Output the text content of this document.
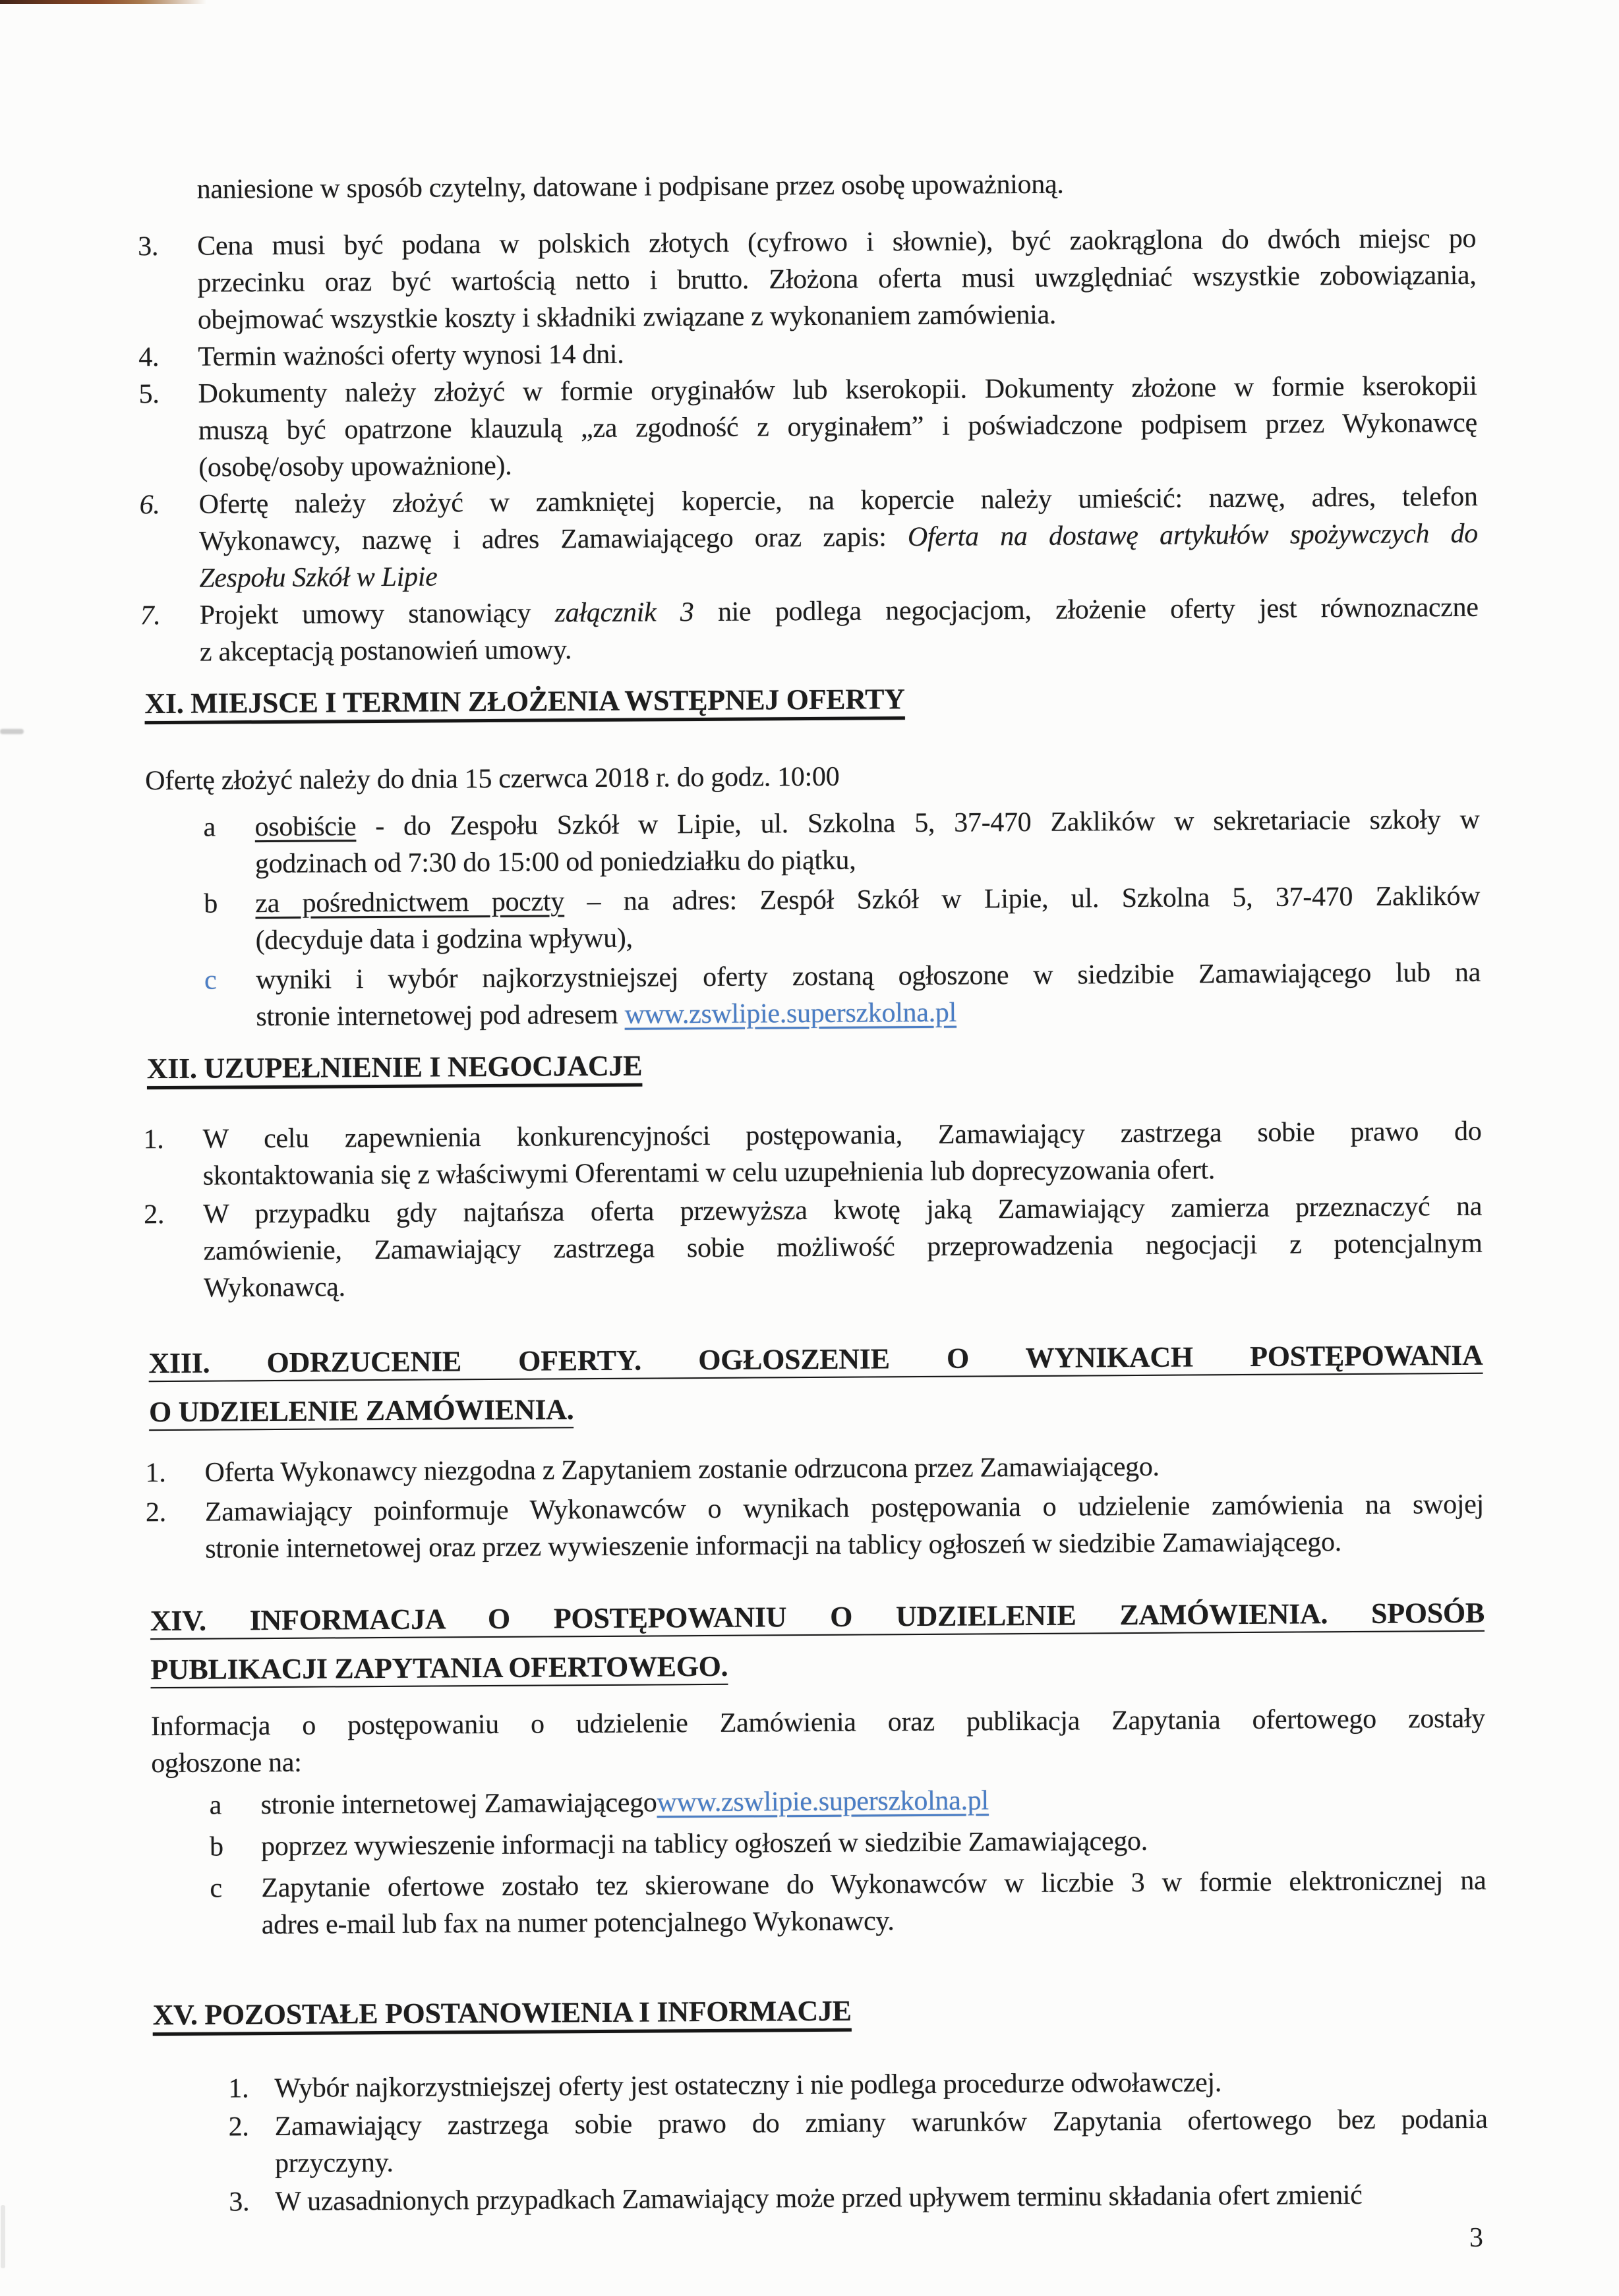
naniesione w sposób czytelny, datowane i podpisane przez osobę upoważnioną.
3.	Cena musi być podana w polskich złotych (cyfrowo i słownie), być zaokrąglona do dwóch miejsc po
przecinku oraz być wartością netto i brutto. Złożona oferta musi uwzględniać wszystkie zobowiązania,
obejmować wszystkie koszty i składniki związane z wykonaniem zamówienia.
4.	Termin ważności oferty wynosi 14 dni.
5.	Dokumenty należy złożyć w formie oryginałów lub kserokopii. Dokumenty złożone w formie kserokopii
muszą być opatrzone klauzulą „za zgodność z oryginałem” i poświadczone podpisem przez Wykonawcę
(osobę/osoby upoważnione).
6.	Ofertę należy złożyć w zamkniętej kopercie, na kopercie należy umieścić: nazwę, adres, telefon
Wykonawcy, nazwę i adres Zamawiającego oraz zapis: Oferta na dostawę artykułów spożywczych do
Zespołu Szkół w Lipie
7.	Projekt umowy stanowiący załącznik 3 nie podlega negocjacjom, złożenie oferty jest równoznaczne
z akceptacją postanowień umowy.
XI. MIEJSCE I TERMIN ZŁOŻENIA WSTĘPNEJ OFERTY
Ofertę złożyć należy do dnia 15 czerwca 2018 r. do godz. 10:00
a	osobiście - do Zespołu Szkół w Lipie, ul. Szkolna 5, 37-470 Zaklików w sekretariacie szkoły w
godzinach od 7:30 do 15:00 od poniedziałku do piątku,
b	za pośrednictwem poczty – na adres: Zespół Szkół w Lipie, ul. Szkolna 5, 37-470 Zaklików
(decyduje data i godzina wpływu),
c	wyniki i wybór najkorzystniejszej oferty zostaną ogłoszone w siedzibie Zamawiającego lub na
stronie internetowej pod adresem www.zswlipie.superszkolna.pl
XII. UZUPEŁNIENIE I NEGOCJACJE
1.	W celu zapewnienia konkurencyjności postępowania, Zamawiający zastrzega sobie prawo do
skontaktowania się z właściwymi Oferentami w celu uzupełnienia lub doprecyzowania ofert.
2.	W przypadku gdy najtańsza oferta przewyższa kwotę jaką Zamawiający zamierza przeznaczyć na
zamówienie, Zamawiający zastrzega sobie możliwość przeprowadzenia negocjacji z potencjalnym
Wykonawcą.
XIII. ODRZUCENIE OFERTY. OGŁOSZENIE O WYNIKACH POSTĘPOWANIA
O UDZIELENIE ZAMÓWIENIA.
1.	Oferta Wykonawcy niezgodna z Zapytaniem zostanie odrzucona przez Zamawiającego.
2.	Zamawiający poinformuje Wykonawców o wynikach postępowania o udzielenie zamówienia na swojej
stronie internetowej oraz przez wywieszenie informacji na tablicy ogłoszeń w siedzibie Zamawiającego.
XIV. INFORMACJA O POSTĘPOWANIU O UDZIELENIE ZAMÓWIENIA. SPOSÓB
PUBLIKACJI ZAPYTANIA OFERTOWEGO.
Informacja o postępowaniu o udzielenie Zamówienia oraz publikacja Zapytania ofertowego zostały
ogłoszone na:
a	stronie internetowej Zamawiającegowww.zswlipie.superszkolna.pl
b	poprzez wywieszenie informacji na tablicy ogłoszeń w siedzibie Zamawiającego.
c	Zapytanie ofertowe zostało tez skierowane do Wykonawców w liczbie 3 w formie elektronicznej na
adres e-mail lub fax na numer potencjalnego Wykonawcy.
XV. POZOSTAŁE POSTANOWIENIA I INFORMACJE
1. Wybór najkorzystniejszej oferty jest ostateczny i nie podlega procedurze odwoławczej.
2. Zamawiający zastrzega sobie prawo do zmiany warunków Zapytania ofertowego bez podania
przyczyny.
3. W uzasadnionych przypadkach Zamawiający może przed upływem terminu składania ofert zmienić
3
